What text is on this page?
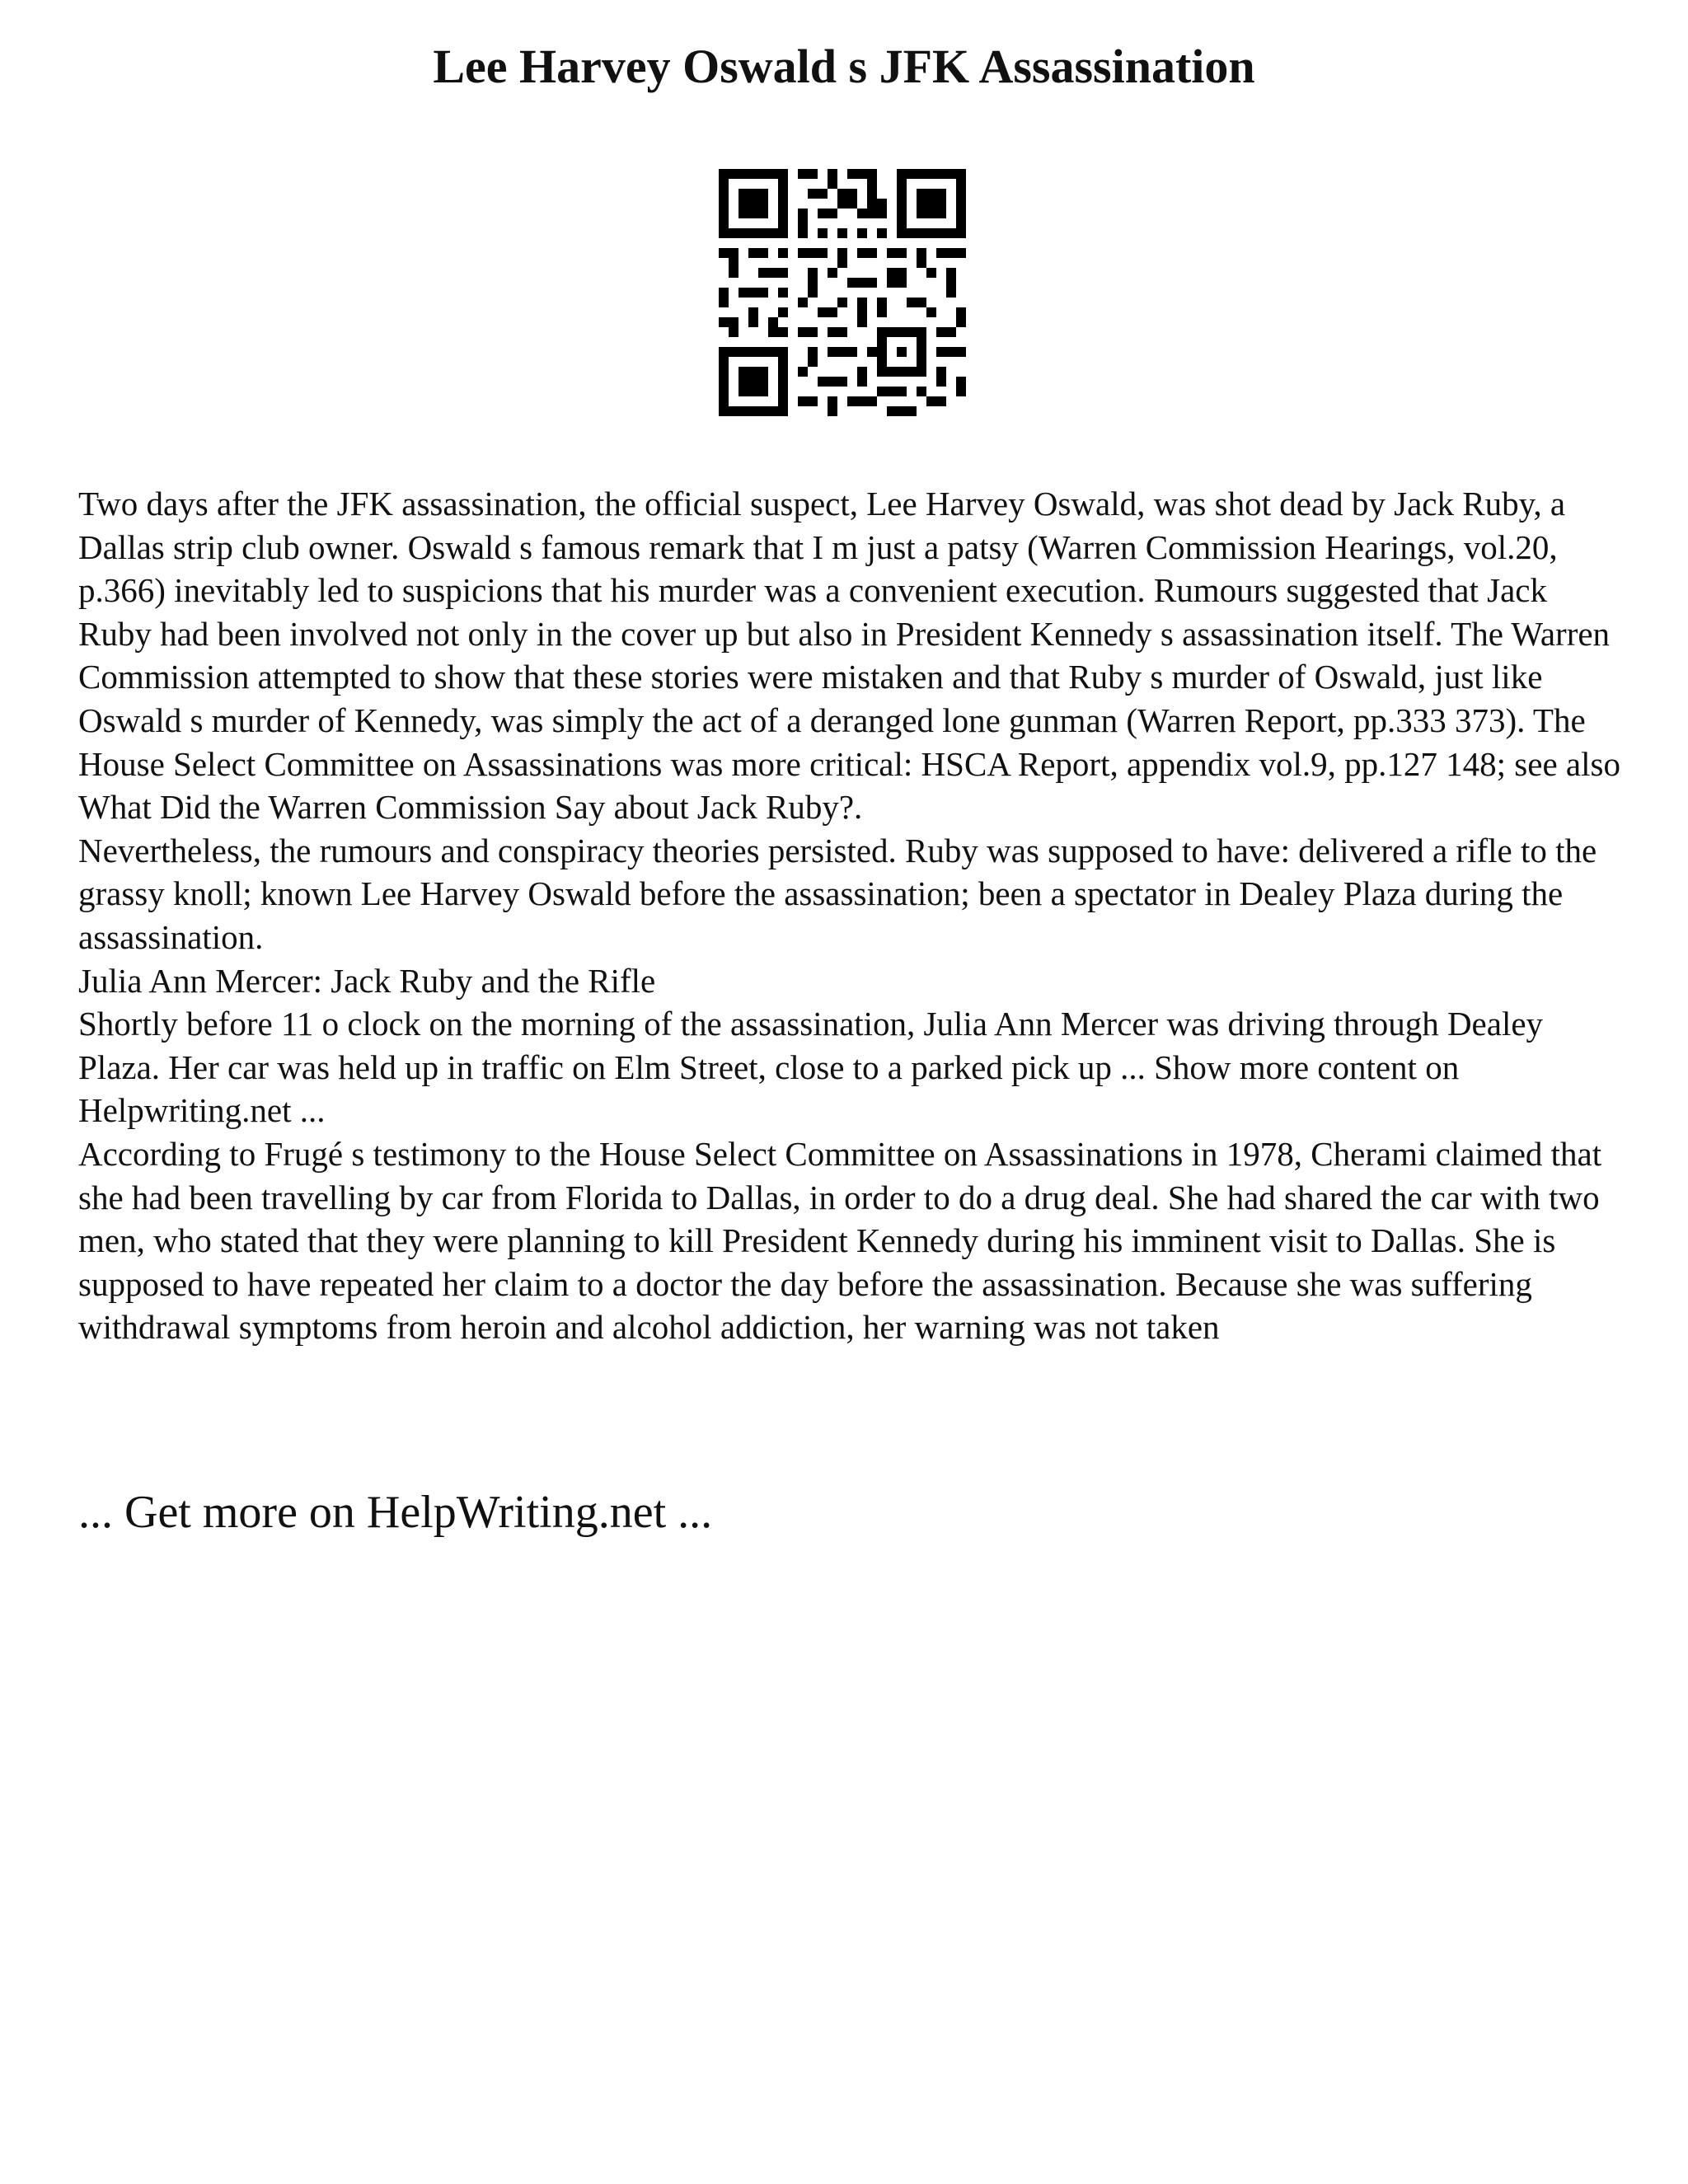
Lee Harvey Oswald s JFK Assassination

Two days after the JFK assassination, the official suspect, Lee Harvey Oswald, was shot dead by Jack Ruby, a Dallas strip club owner. Oswald s famous remark that I m just a patsy (Warren Commission Hearings, vol.20, p.366) inevitably led to suspicions that his murder was a convenient execution. Rumours suggested that Jack Ruby had been involved not only in the cover up but also in President Kennedy s assassination itself. The Warren Commission attempted to show that these stories were mistaken and that Ruby s murder of Oswald, just like Oswald s murder of Kennedy, was simply the act of a deranged lone gunman (Warren Report, pp.333 373). The House Select Committee on Assassinations was more critical: HSCA Report, appendix vol.9, pp.127 148; see also What Did the Warren Commission Say about Jack Ruby?.

Nevertheless, the rumours and conspiracy theories persisted. Ruby was supposed to have: delivered a rifle to the grassy knoll; known Lee Harvey Oswald before the assassination; been a spectator in Dealey Plaza during the assassination.

Julia Ann Mercer: Jack Ruby and the Rifle

Shortly before 11 o clock on the morning of the assassination, Julia Ann Mercer was driving through Dealey Plaza. Her car was held up in traffic on Elm Street, close to a parked pick up ... Show more content on Helpwriting.net ...

According to Frugé s testimony to the House Select Committee on Assassinations in 1978, Cherami claimed that she had been travelling by car from Florida to Dallas, in order to do a drug deal. She had shared the car with two men, who stated that they were planning to kill President Kennedy during his imminent visit to Dallas. She is supposed to have repeated her claim to a doctor the day before the assassination. Because she was suffering withdrawal symptoms from heroin and alcohol addiction, her warning was not taken

... Get more on HelpWriting.net ...
